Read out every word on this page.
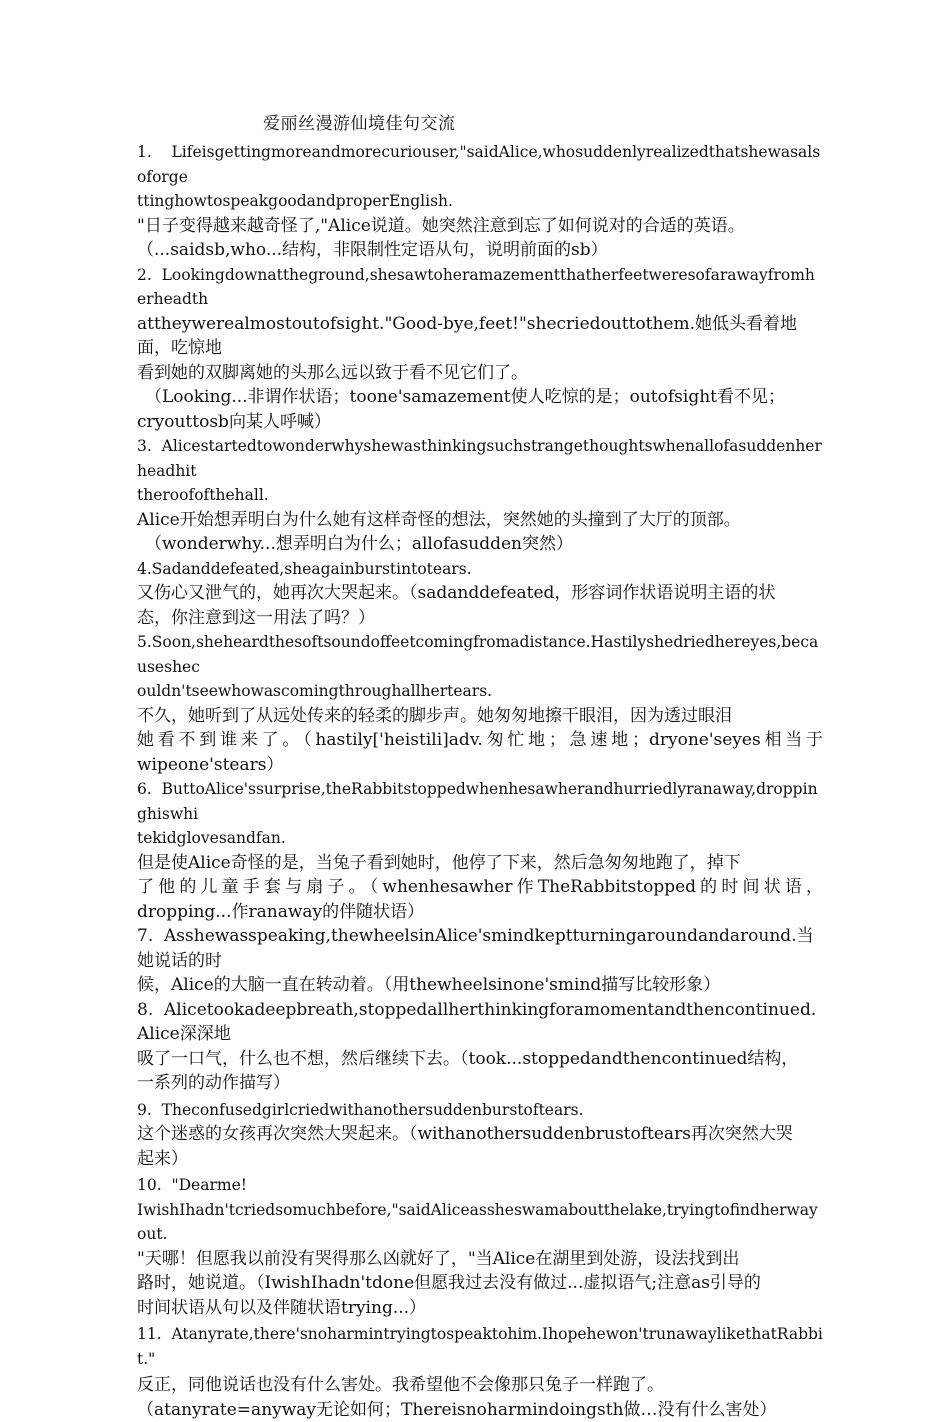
爱丽丝漫游仙境佳句交流
1.    Lifeisgettingmoreandmorecuriouser,"saidAlice,whosuddenlyrealizedthatshewasalsoforge
ttinghowtospeakgoodandproperEnglish.
"日子变得越来越奇怪了,"Alice说道。她突然注意到忘了如何说对的合适的英语。
（...saidsb,who...结构，非限制性定语从句，说明前面的sb）
2.  Lookingdownattheground,shesawtoheramazementthatherfeetweresofarawayfromherheadth
attheywerealmostoutofsight."Good-bye,feet!"shecriedouttothem.她低头看着地面，吃惊地
看到她的双脚离她的头那么远以致于看不见它们了。
（Looking...非谓作状语；toone'samazement使人吃惊的是；outofsight看不见；
cryouttosb向某人呼喊）
3.  Alicestartedtowonderwhyshewasthinkingsuchstrangethoughtswhenallofasuddenherheadhit
theroofofthehall.
Alice开始想弄明白为什么她有这样奇怪的想法，突然她的头撞到了大厅的顶部。
（wonderwhy...想弄明白为什么；allofasudden突然）
4.Sadanddefeated,sheagainburstintotears.
又伤心又泄气的，她再次大哭起来。（sadanddefeated，形容词作状语说明主语的状
态，你注意到这一用法了吗？）
5.Soon,sheheardthesoftsoundoffeetcomingfromadistance.Hastilyshedriedhereyes,becauseshec
ouldn'tseewhowascomingthroughallhertears.
不久，她听到了从远处传来的轻柔的脚步声。她匆匆地擦干眼泪，因为透过眼泪
她看不到谁来了。（hastily['heistili]adv.匆忙地；急速地；dryone'seyes相当于
wipeone'stears）
6.  ButtoAlice'ssurprise,theRabbitstoppedwhenhesawherandhurriedlyranaway,droppinghiswhi
tekidglovesandfan.
但是使Alice奇怪的是，当兔子看到她时，他停了下来，然后急匆匆地跑了，掉下
了他的儿童手套与扇子。（whenhesawher作TheRabbitstopped的时间状语，
dropping...作ranaway的伴随状语）
7.  Asshewasspeaking,thewheelsinAlice'smindkeptturningaroundandaround.当她说话的时
候，Alice的大脑一直在转动着。（用thewheelsinone'smind描写比较形象）
8.  Alicetookadeepbreath,stoppedallherthinkingforamomentandthencontinued.Alice深深地
吸了一口气，什么也不想，然后继续下去。（took...stoppedandthencontinued结构，
一系列的动作描写）
9.  Theconfusedgirlcriedwithanothersuddenburstoftears.
这个迷惑的女孩再次突然大哭起来。（withanothersuddenbrustoftears再次突然大哭
起来）
10.  "Dearme!
IwishIhadn'tcriedsomuchbefore,"saidAliceassheswamaboutthelake,tryingtofindherwayout.
"天哪！但愿我以前没有哭得那么凶就好了，"当Alice在湖里到处游，设法找到出
路时，她说道。（IwishIhadn'tdone但愿我过去没有做过...虚拟语气;注意as引导的
时间状语从句以及伴随状语trying...）
11.  Atanyrate,there'snoharmintryingtospeaktohim.Ihopehewon'trunawaylikethatRabbit."
反正，同他说话也没有什么害处。我希望他不会像那只兔子一样跑了。
（atanyrate=anyway无论如何；Thereisnoharmindoingsth做…没有什么害处）
